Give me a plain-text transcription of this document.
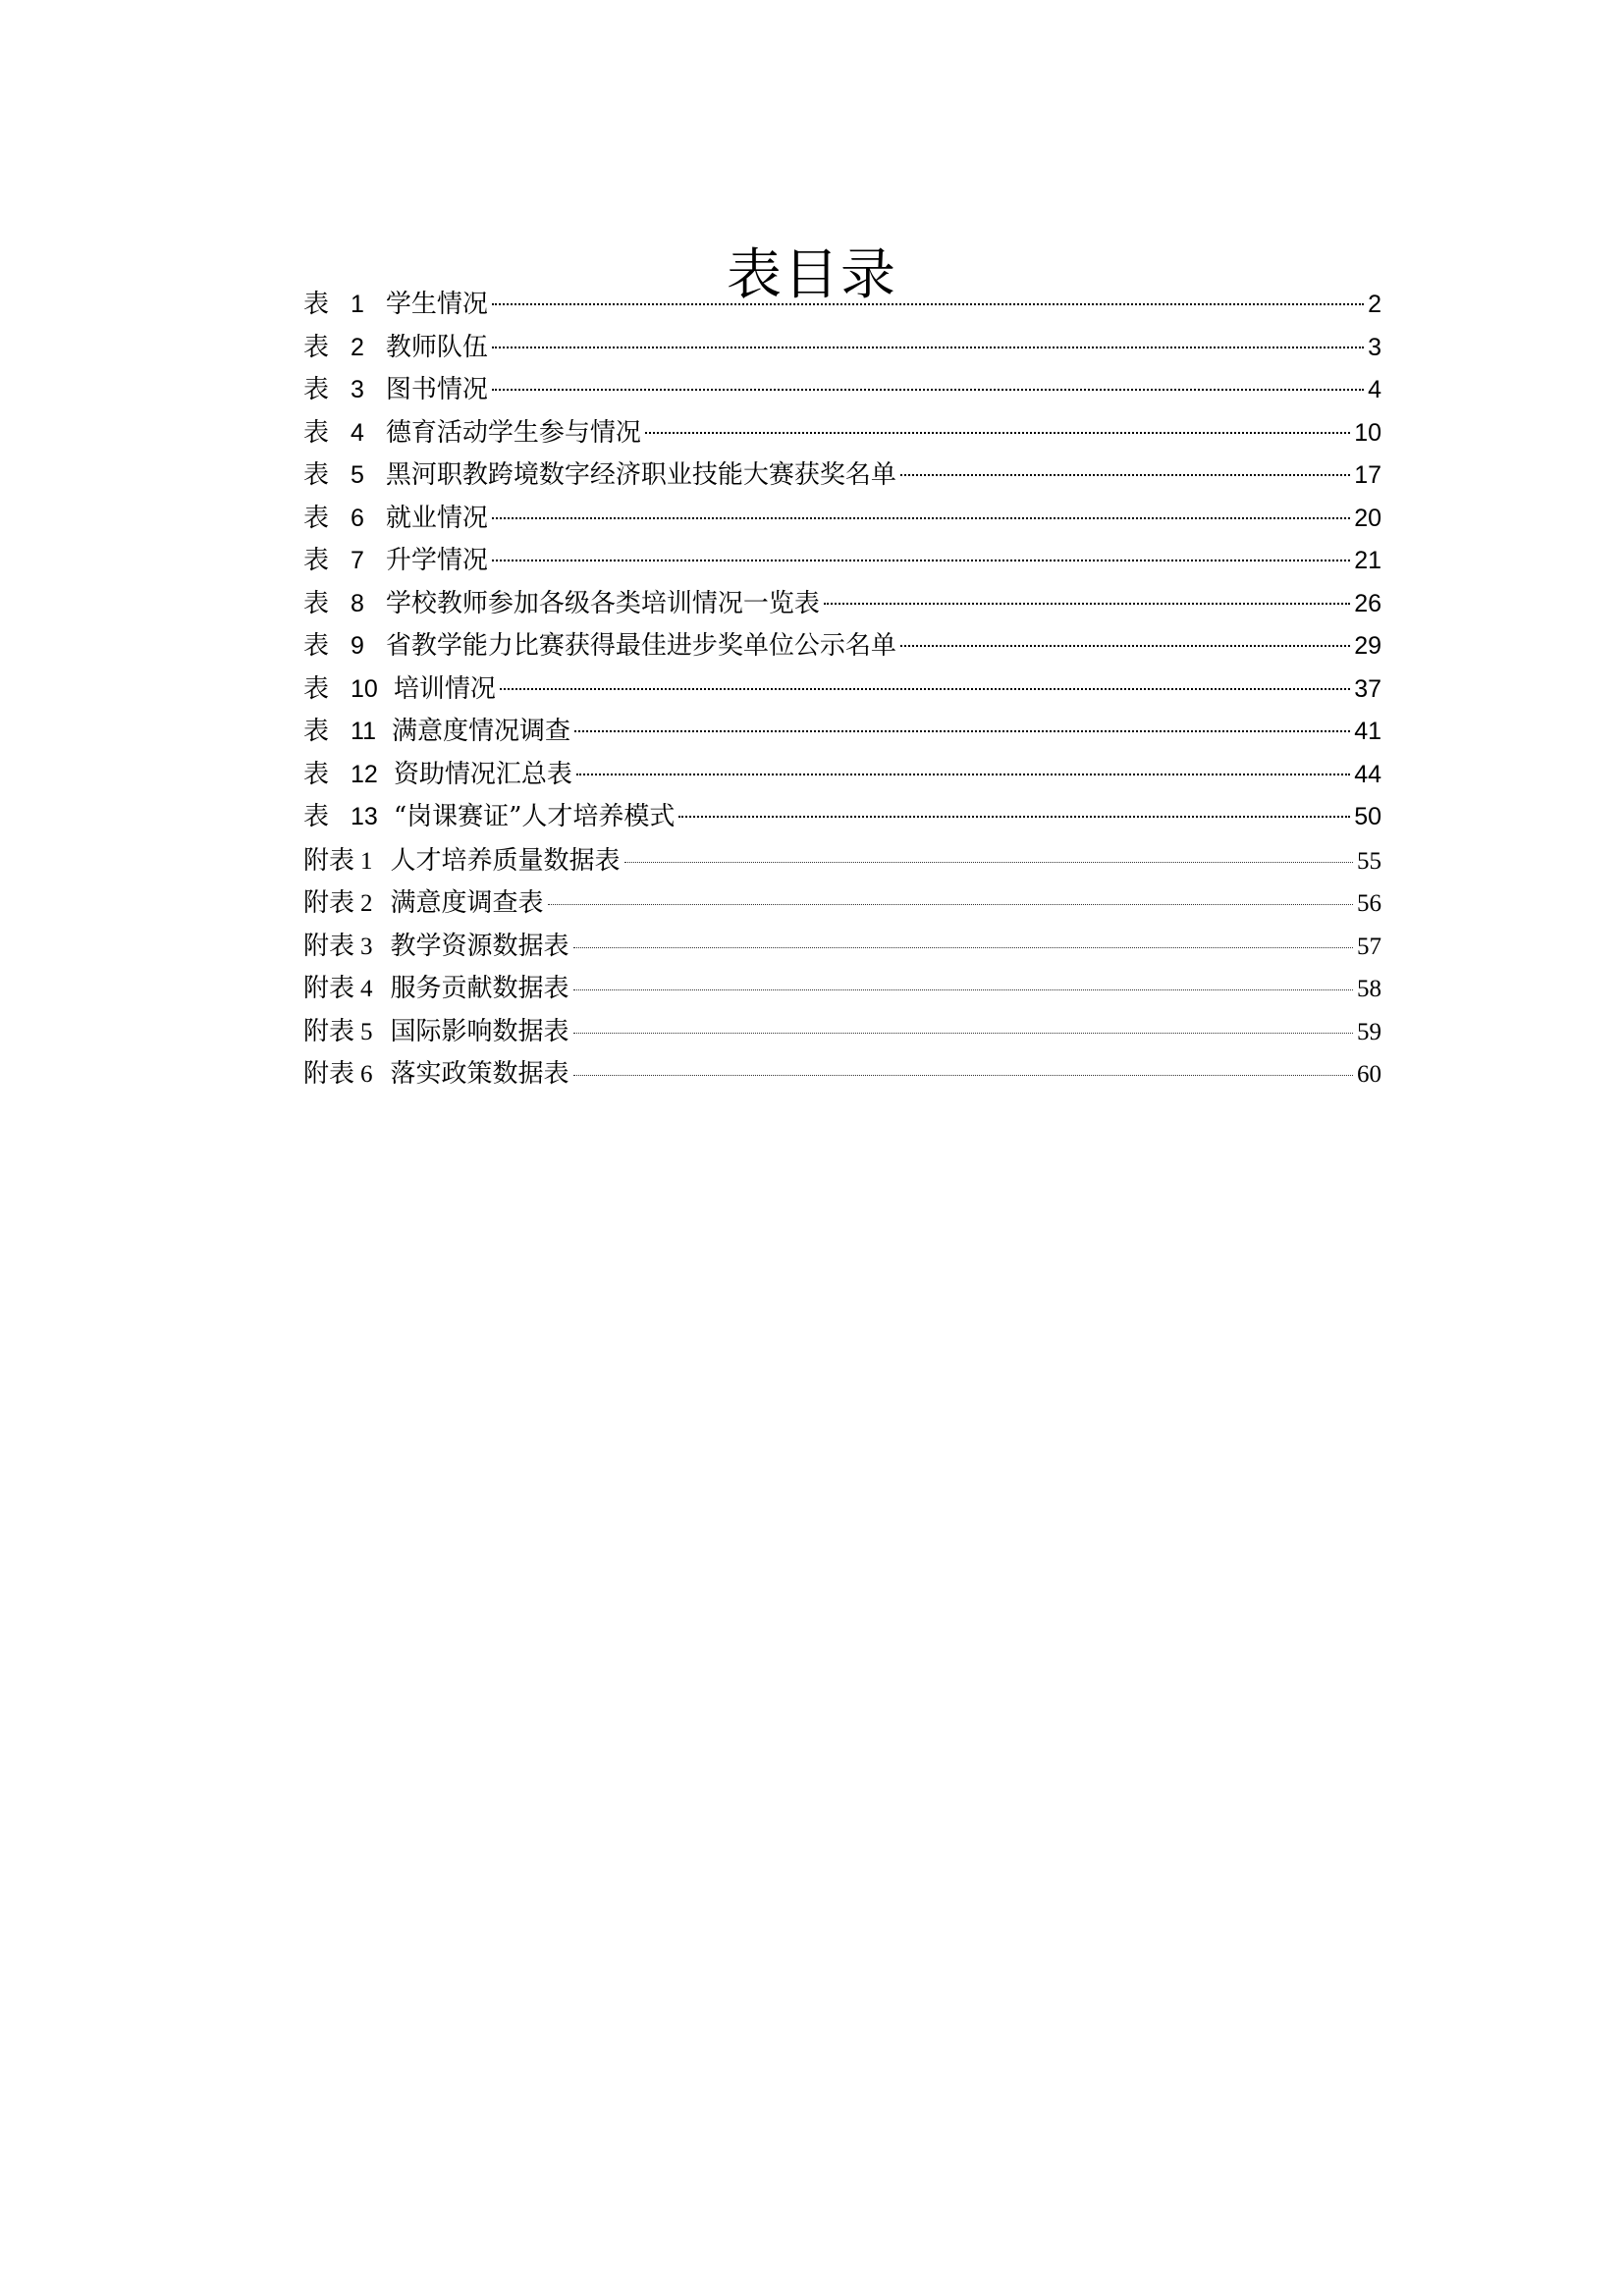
表目录
表 1 学生情况	2
表 2 教师队伍	3
表 3 图书情况	4
表 4 德育活动学生参与情况	10
表 5 黑河职教跨境数字经济职业技能大赛获奖名单	17
表 6 就业情况	20
表 7 升学情况	21
表 8 学校教师参加各级各类培训情况一览表	26
表 9 省教学能力比赛获得最佳进步奖单位公示名单	29
表 10 培训情况	37
表 11 满意度情况调查	41
表 12 资助情况汇总表	44
表 13 “岗课赛证”人才培养模式	50
附表 1 人才培养质量数据表	55
附表 2 满意度调查表	56
附表 3 教学资源数据表	57
附表 4 服务贡献数据表	58
附表 5 国际影响数据表	59
附表 6 落实政策数据表	60
